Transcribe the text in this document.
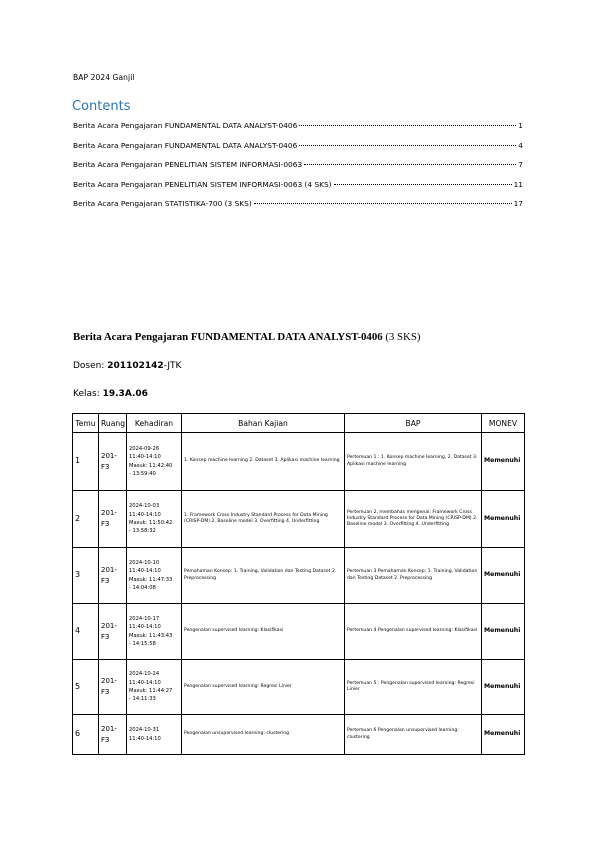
BAP 2024 Ganjil
Contents
Berita Acara Pengajaran FUNDAMENTAL DATA ANALYST-0406	1
Berita Acara Pengajaran FUNDAMENTAL DATA ANALYST-0406	4
Berita Acara Pengajaran PENELITIAN SISTEM INFORMASI-0063	7
Berita Acara Pengajaran PENELITIAN SISTEM INFORMASI-0063 (4 SKS)	11
Berita Acara Pengajaran STATISTIKA-700 (3 SKS)	17
Berita Acara Pengajaran FUNDAMENTAL DATA ANALYST-0406 (3 SKS)
Dosen: 201102142-JTK
Kelas: 19.3A.06
Temu	Ruang	Kehadiran	Bahan Kajian	BAP	MONEV
1	201-F3	2024-09-26
11:40-14:10
Masuk: 11:42:40
- 13:59:40	1. Konsep machine learning 2. Dataset 3. Aplikasi machine learning	Pertemuan 1 : 1. Konsep machine learning, 2. Dataset 3. Aplikasi machine learning	Memenuhi
2	201-F3	2024-10-03
11:40-14:10
Masuk: 11:50:42
- 13:58:32	1. Framework Cross Industry Standard Process for Data Mining (CRISP-DM) 2. Baseline model 3. Overfitting 4. Underfitting	Pertemuan 2, membahas mengenai: Framework Cross Industry Standard Process for Data Mining (CRISP-DM) 2. Baseline model 3. Overfitting 4. Underfitting	Memenuhi
3	201-F3	2024-10-10
11:40-14:10
Masuk: 11:47:33
- 14:04:08	Pemahaman Konsep: 1. Training, Validation dan Testing Dataset 2. Preprocessing	Pertemuan 3 Pemahaman Konsep: 1. Training, Validation dan Testing Dataset 2. Preprocessing	Memenuhi
4	201-F3	2024-10-17
11:40-14:10
Masuk: 11:43:43
- 14:15:58	Pengenalan supervised learning: Klasifikasi	Pertemuan 4 Pengenalan supervised learning: Klasifikasi	Memenuhi
5	201-F3	2024-10-24
11:40-14:10
Masuk: 11:44:27
- 14:11:33	Pengenalan supervised learning: Regresi Linier	Pertemuan 5 : Pengenalan supervised learning: Regresi Linier	Memenuhi
6	201-F3	2024-10-31
11:40-14:10	Pengenalan unsupervised learning: clustering	Pertemuan 6 Pengenalan unsupervised learning: clustering	Memenuhi
